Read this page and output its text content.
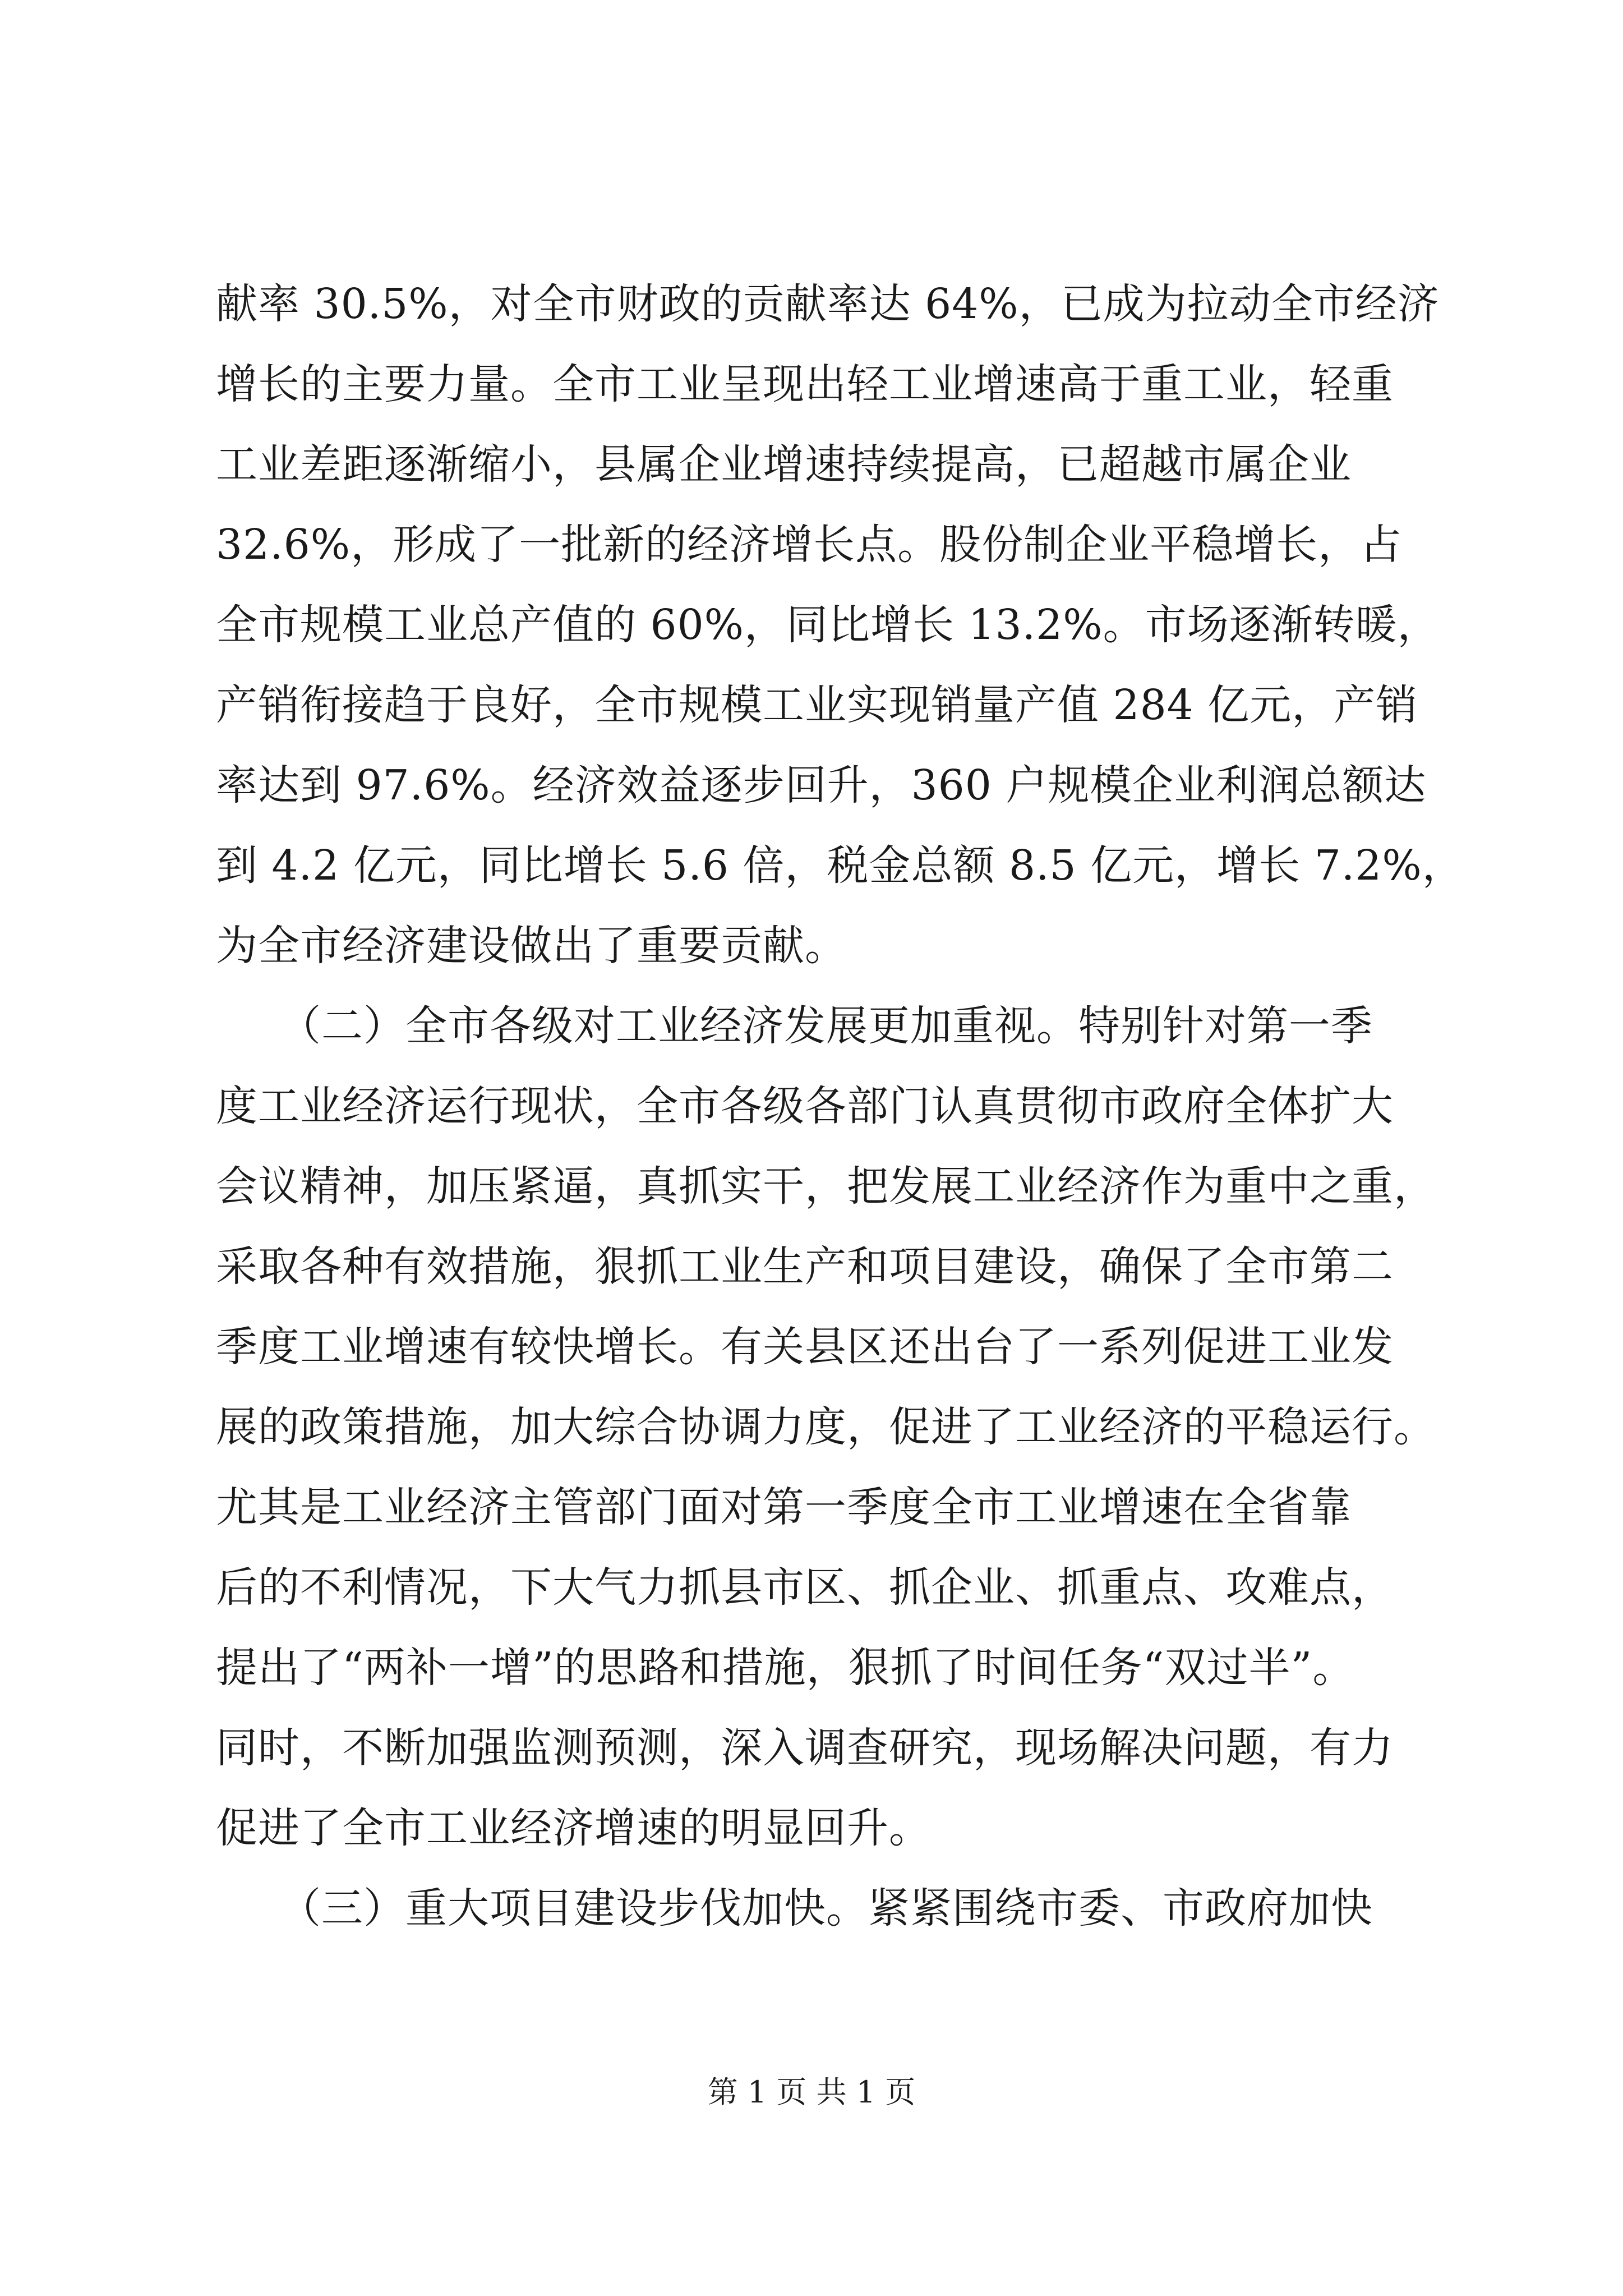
献率 30.5%，对全市财政的贡献率达 64%，已成为拉动全市经济
增长的主要力量。全市工业呈现出轻工业增速高于重工业，轻重
工业差距逐渐缩小，县属企业增速持续提高，已超越市属企业
32.6%，形成了一批新的经济增长点。股份制企业平稳增长，占
全市规模工业总产值的 60%，同比增长 13.2%。市场逐渐转暖，
产销衔接趋于良好，全市规模工业实现销量产值 284 亿元，产销
率达到 97.6%。经济效益逐步回升，360 户规模企业利润总额达
到 4.2 亿元，同比增长 5.6 倍，税金总额 8.5 亿元，增长 7.2%，
为全市经济建设做出了重要贡献。
　　（二）全市各级对工业经济发展更加重视。特别针对第一季
度工业经济运行现状，全市各级各部门认真贯彻市政府全体扩大
会议精神，加压紧逼，真抓实干，把发展工业经济作为重中之重，
采取各种有效措施，狠抓工业生产和项目建设，确保了全市第二
季度工业增速有较快增长。有关县区还出台了一系列促进工业发
展的政策措施，加大综合协调力度，促进了工业经济的平稳运行。
尤其是工业经济主管部门面对第一季度全市工业增速在全省靠
后的不利情况，下大气力抓县市区、抓企业、抓重点、攻难点，
提出了“两补一增”的思路和措施，狠抓了时间任务“双过半”。
同时，不断加强监测预测，深入调查研究，现场解决问题，有力
促进了全市工业经济增速的明显回升。
　　（三）重大项目建设步伐加快。紧紧围绕市委、市政府加快
第 1 页 共 1 页
